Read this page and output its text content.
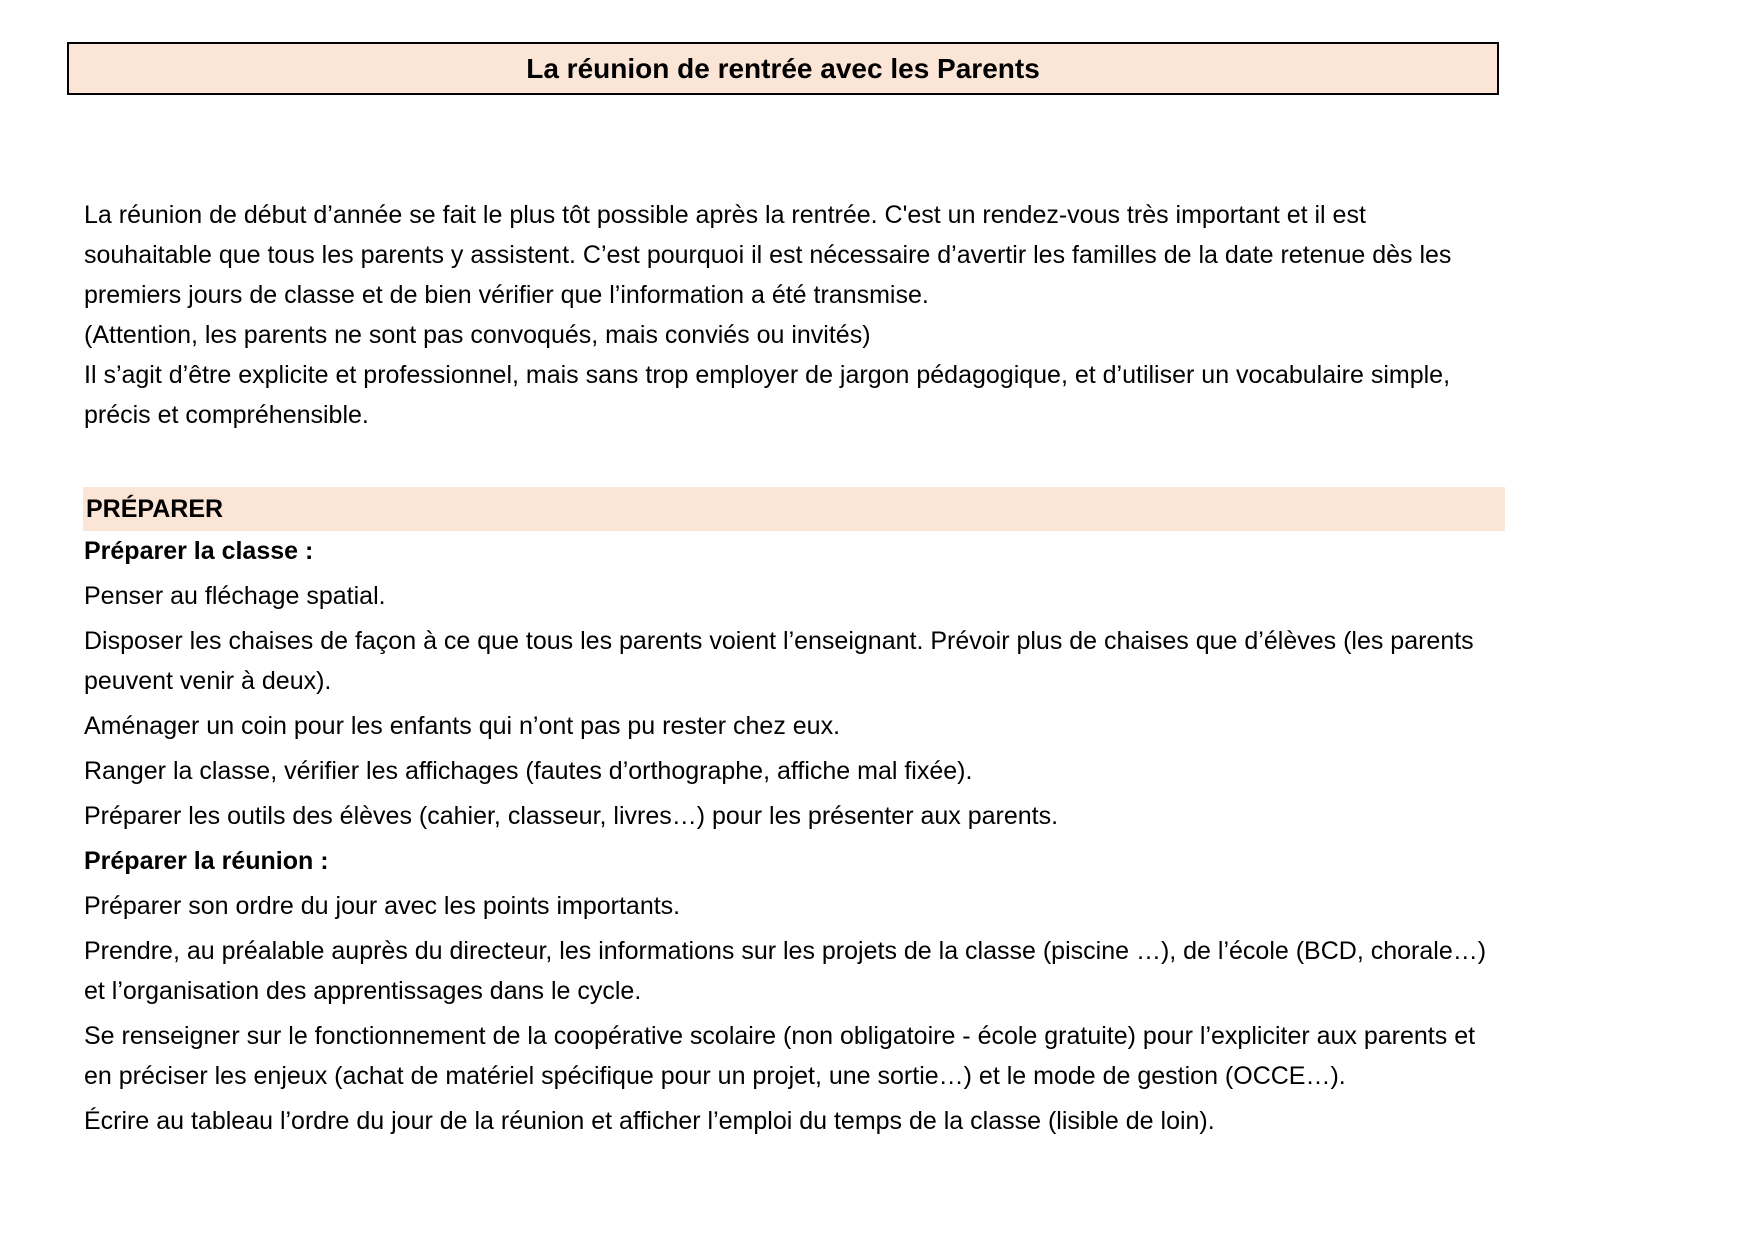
La réunion de rentrée avec les Parents

La réunion de début d’année se fait le plus tôt possible après la rentrée. C'est un rendez-vous très important et il est souhaitable que tous les parents y assistent. C’est pourquoi il est nécessaire d’avertir les familles de la date retenue dès les premiers jours de classe et de bien vérifier que l’information a été transmise.

(Attention, les parents ne sont pas convoqués, mais conviés ou invités)

Il s’agit d’être explicite et professionnel, mais sans trop employer de jargon pédagogique, et d’utiliser un vocabulaire simple, précis et compréhensible.

PRÉPARER

Préparer la classe :

Penser au fléchage spatial.

Disposer les chaises de façon à ce que tous les parents voient l’enseignant. Prévoir plus de chaises que d’élèves (les parents peuvent venir à deux).

Aménager un coin pour les enfants qui n’ont pas pu rester chez eux.

Ranger la classe, vérifier les affichages (fautes d’orthographe, affiche mal fixée).

Préparer les outils des élèves (cahier, classeur, livres…) pour les présenter aux parents.

Préparer la réunion :

Préparer son ordre du jour avec les points importants.

Prendre, au préalable auprès du directeur, les informations sur les projets de la classe (piscine …), de l’école (BCD, chorale…) et l’organisation des apprentissages dans le cycle.

Se renseigner sur le fonctionnement de la coopérative scolaire (non obligatoire - école gratuite) pour l’expliciter aux parents et en préciser les enjeux (achat de matériel spécifique pour un projet, une sortie…) et le mode de gestion (OCCE…).

Écrire au tableau l’ordre du jour de la réunion et afficher l’emploi du temps de la classe (lisible de loin).
